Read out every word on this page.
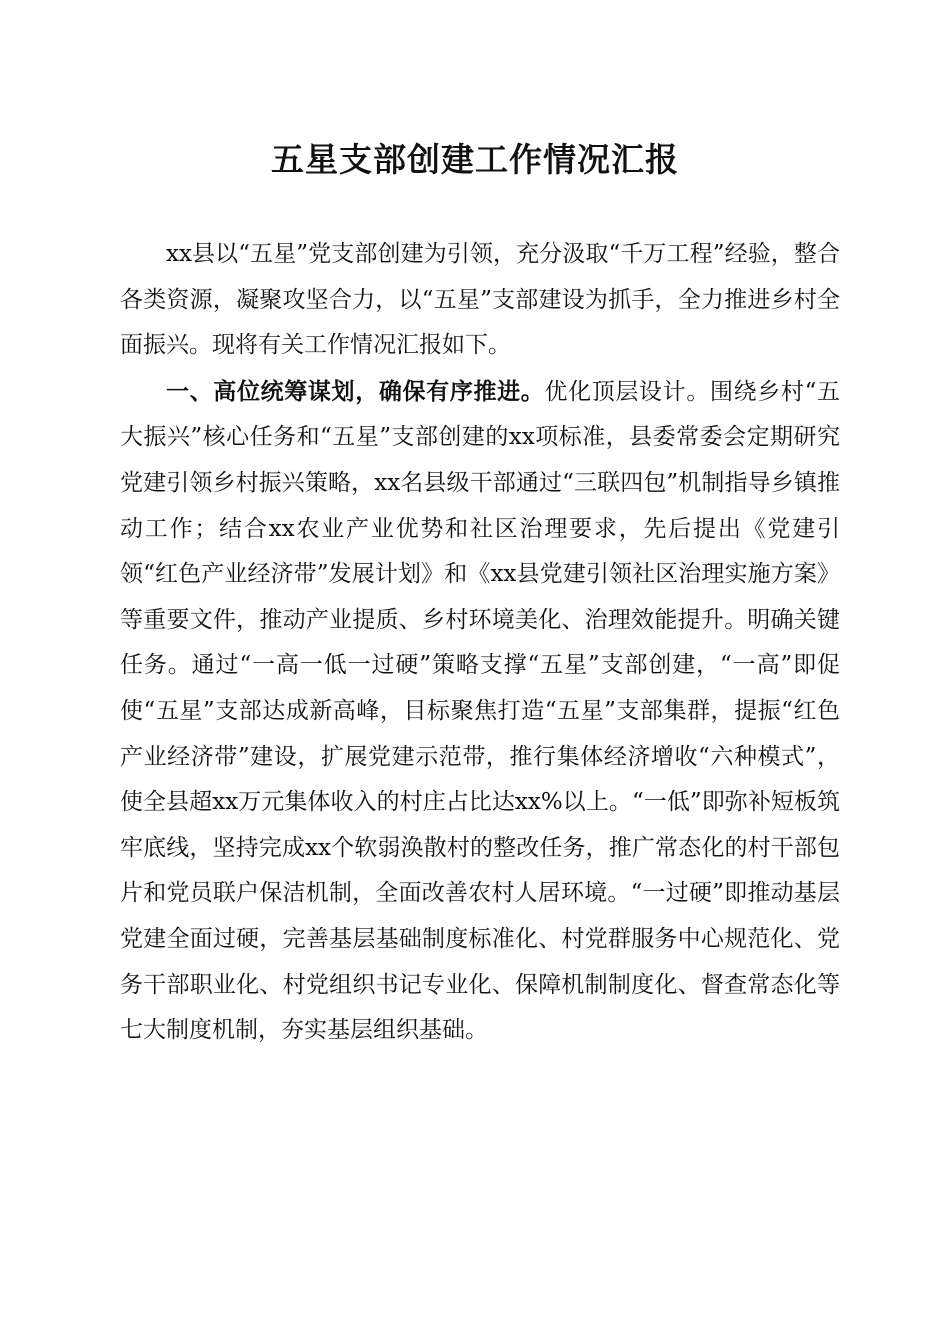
五星支部创建工作情况汇报

xx县以“五星”党支部创建为引领，充分汲取“千万工程”经验，整合各类资源，凝聚攻坚合力，以“五星”支部建设为抓手，全力推进乡村全面振兴。现将有关工作情况汇报如下。

一、高位统筹谋划，确保有序推进。优化顶层设计。围绕乡村“五大振兴”核心任务和“五星”支部创建的xx项标准，县委常委会定期研究党建引领乡村振兴策略，xx名县级干部通过“三联四包”机制指导乡镇推动工作；结合xx农业产业优势和社区治理要求，先后提出《党建引领“红色产业经济带”发展计划》和《xx县党建引领社区治理实施方案》等重要文件，推动产业提质、乡村环境美化、治理效能提升。明确关键任务。通过“一高一低一过硬”策略支撑“五星”支部创建，“一高”即促使“五星”支部达成新高峰，目标聚焦打造“五星”支部集群，提振“红色产业经济带”建设，扩展党建示范带，推行集体经济增收“六种模式”，使全县超xx万元集体收入的村庄占比达xx%以上。“一低”即弥补短板筑牢底线，坚持完成xx个软弱涣散村的整改任务，推广常态化的村干部包片和党员联户保洁机制，全面改善农村人居环境。“一过硬”即推动基层党建全面过硬，完善基层基础制度标准化、村党群服务中心规范化、党务干部职业化、村党组织书记专业化、保障机制制度化、督查常态化等七大制度机制，夯实基层组织基础。
